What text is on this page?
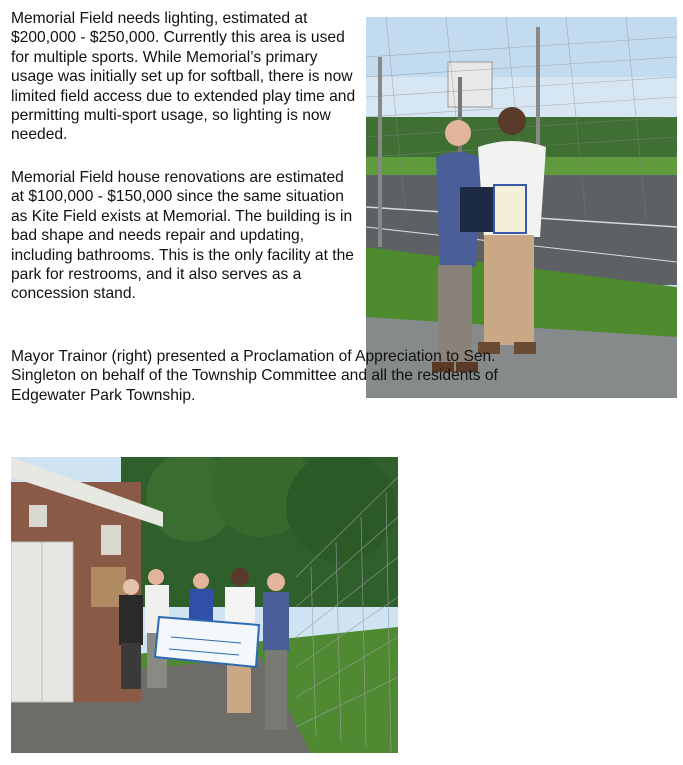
Memorial Field needs lighting, estimated at $200,000 - $250,000. Currently this area is used for multiple sports. While Memorial’s primary usage was initially set up for softball, there is now limited field access due to extended play time and permitting multi-sport usage, so lighting is now needed.

Memorial Field house renovations are estimated at $100,000 - $150,000 since the same situation as Kite Field exists at Memorial. The building is in bad shape and needs repair and updating, including bathrooms. This is the only facility at the park for restrooms, and it also serves as a concession stand.

Mayor Trainor (right) presented a Proclamation of Appreciation to Sen. Singleton on behalf of the Township Committee and all the residents of Edgewater Park Township.
